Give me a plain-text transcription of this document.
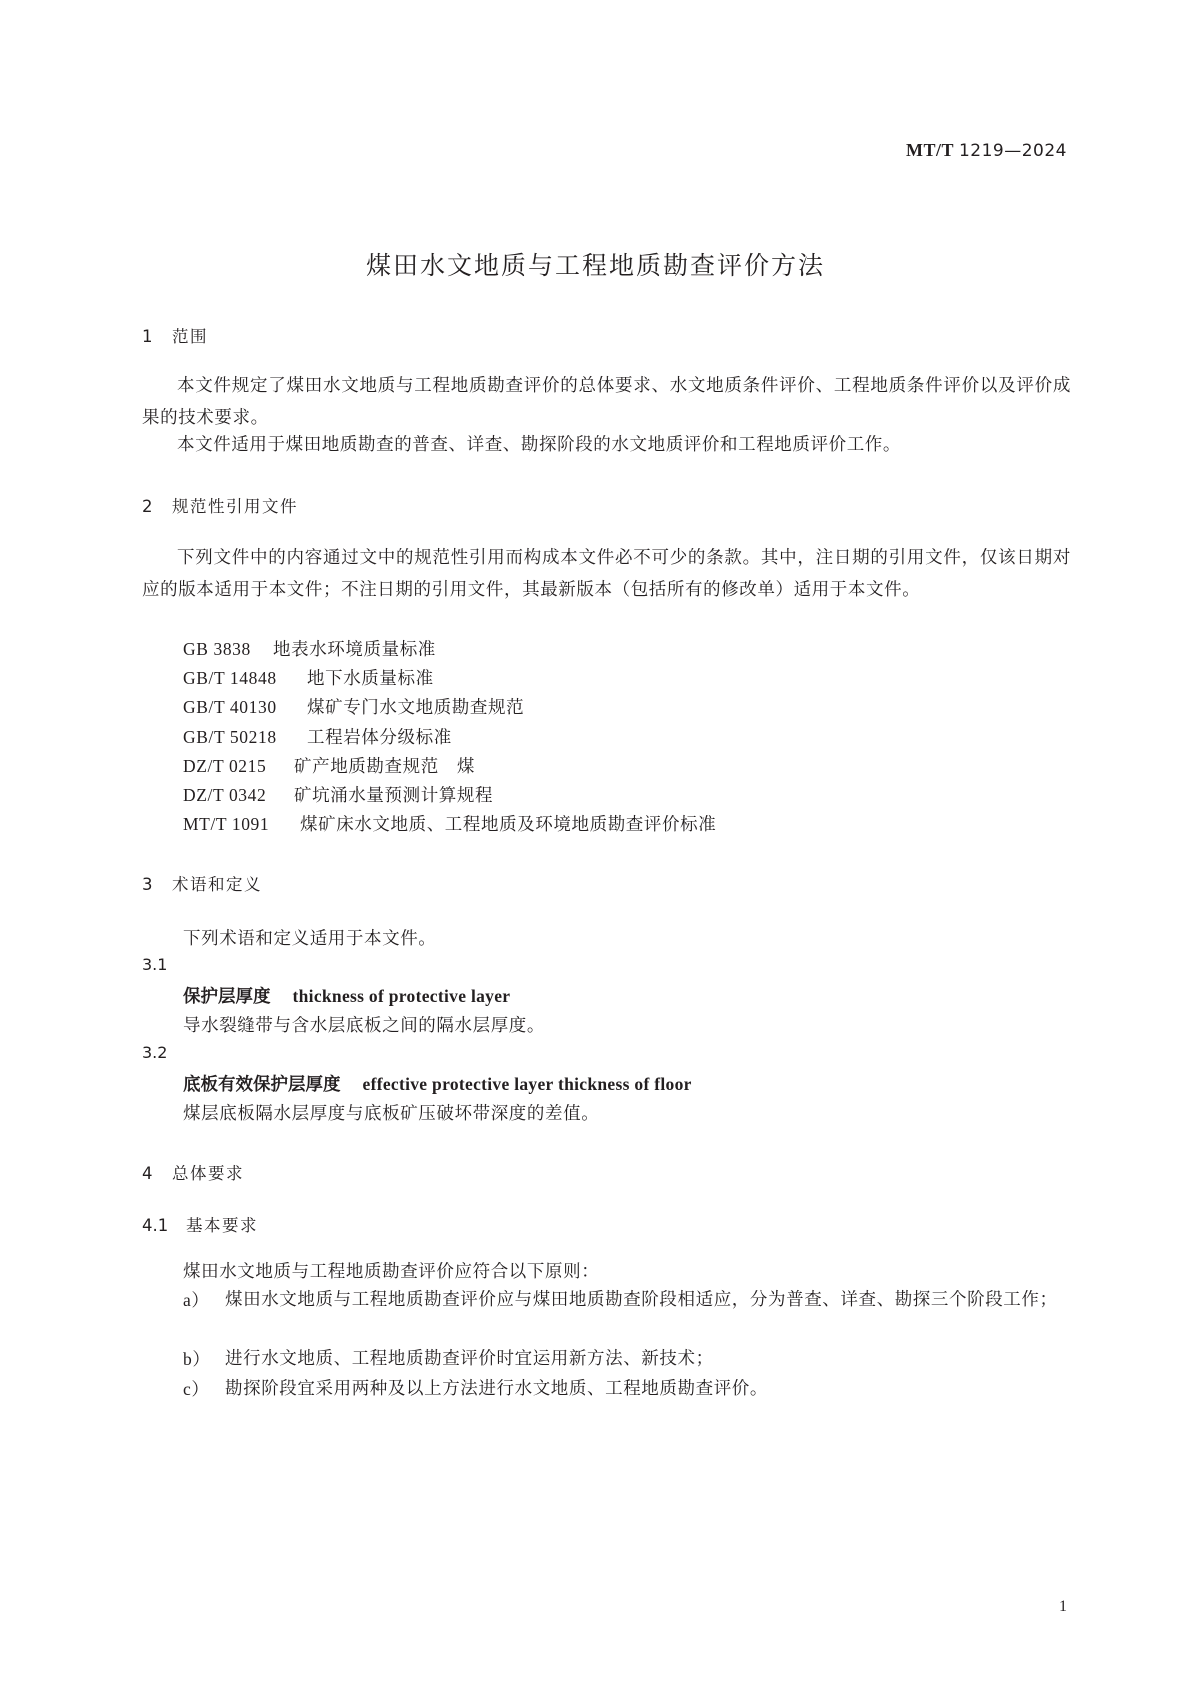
MT/T 1219—2024
煤田水文地质与工程地质勘查评价方法
1 范围
本文件规定了煤田水文地质与工程地质勘查评价的总体要求、水文地质条件评价、工程地质条件评价以及评价成果的技术要求。
本文件适用于煤田地质勘查的普查、详查、勘探阶段的水文地质评价和工程地质评价工作。
2 规范性引用文件
下列文件中的内容通过文中的规范性引用而构成本文件必不可少的条款。其中，注日期的引用文件，仅该日期对应的版本适用于本文件；不注日期的引用文件，其最新版本（包括所有的修改单）适用于本文件。
GB 3838 地表水环境质量标准
GB/T 14848 地下水质量标准
GB/T 40130 煤矿专门水文地质勘查规范
GB/T 50218 工程岩体分级标准
DZ/T 0215 矿产地质勘查规范　煤
DZ/T 0342 矿坑涌水量预测计算规程
MT/T 1091 煤矿床水文地质、工程地质及环境地质勘查评价标准
3 术语和定义
下列术语和定义适用于本文件。
3.1
保护层厚度 thickness of protective layer
导水裂缝带与含水层底板之间的隔水层厚度。
3.2
底板有效保护层厚度 effective protective layer thickness of floor
煤层底板隔水层厚度与底板矿压破坏带深度的差值。
4 总体要求
4.1 基本要求
煤田水文地质与工程地质勘查评价应符合以下原则：
a） 煤田水文地质与工程地质勘查评价应与煤田地质勘查阶段相适应，分为普查、详查、勘探三个阶段工作；
b） 进行水文地质、工程地质勘查评价时宜运用新方法、新技术；
c） 勘探阶段宜采用两种及以上方法进行水文地质、工程地质勘查评价。
1
